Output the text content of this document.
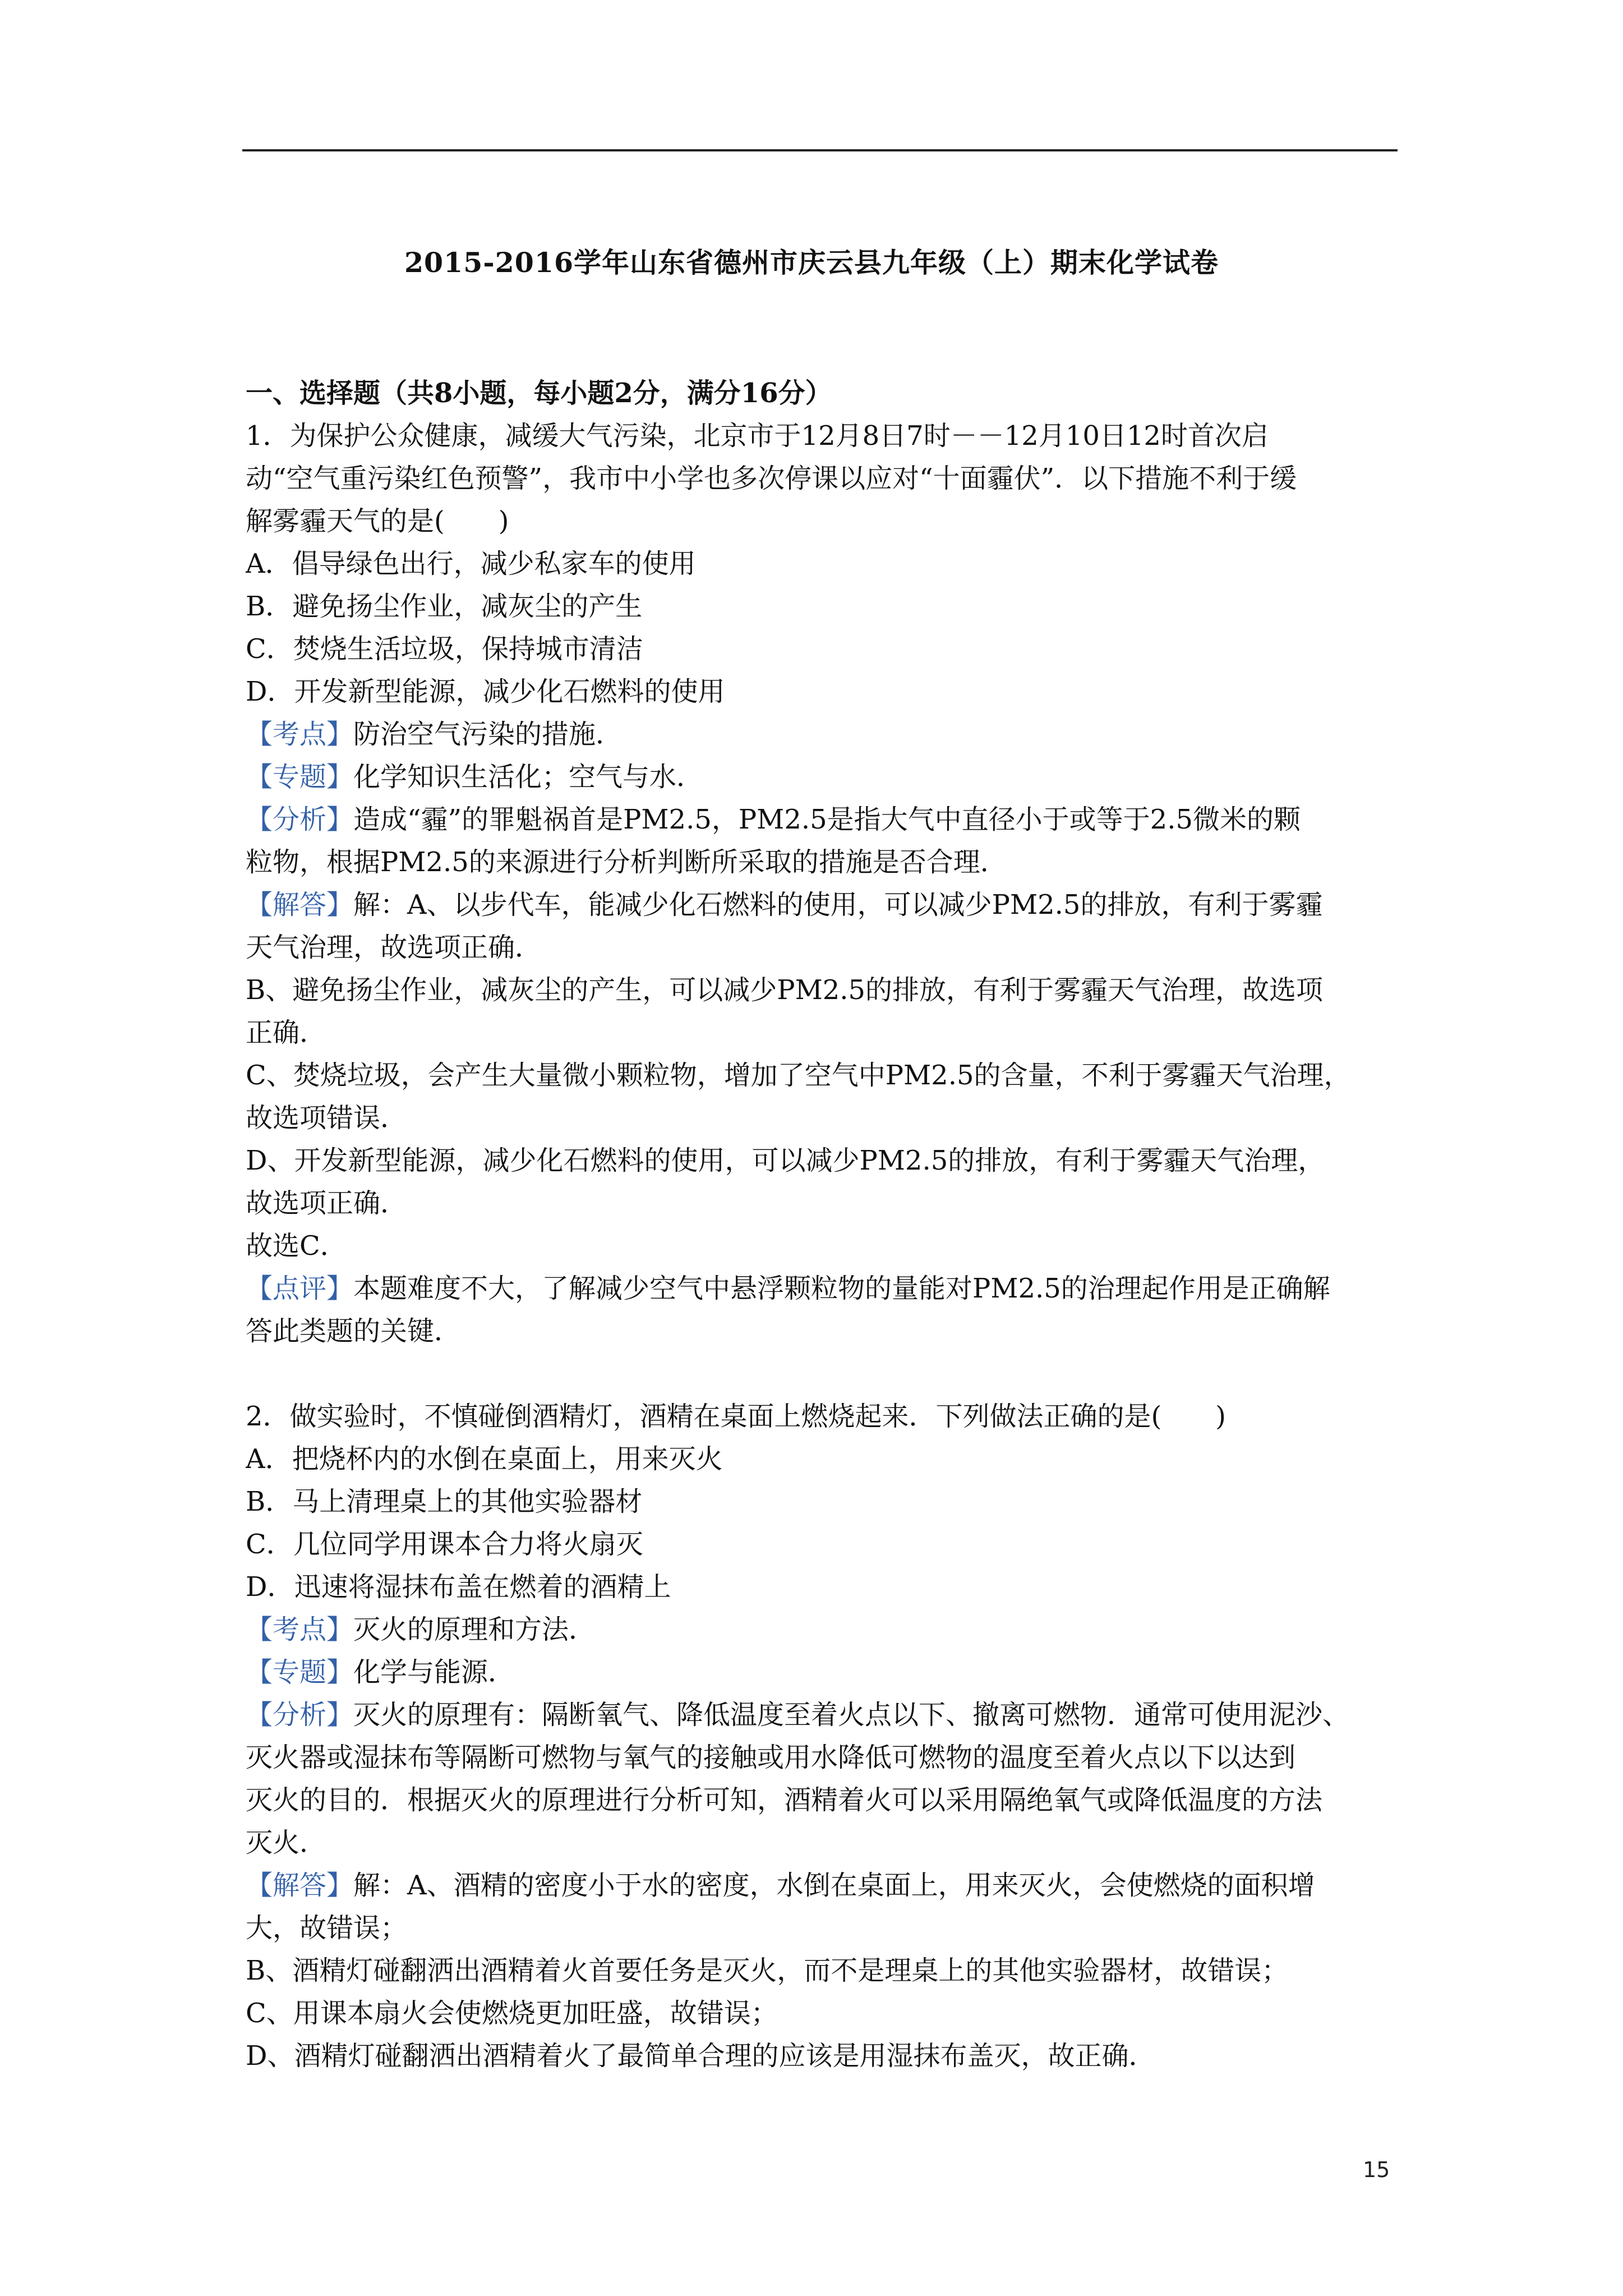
2015-2016学年山东省德州市庆云县九年级（上）期末化学试卷
一、选择题（共8小题，每小题2分，满分16分）
1．为保护公众健康，减缓大气污染，北京市于12月8日7时－－12月10日12时首次启
动“空气重污染红色预警”，我市中小学也多次停课以应对“十面霾伏”．以下措施不利于缓
解雾霾天气的是(　　)
A．倡导绿色出行，减少私家车的使用
B．避免扬尘作业，减灰尘的产生
C．焚烧生活垃圾，保持城市清洁
D．开发新型能源，减少化石燃料的使用
【考点】防治空气污染的措施．
【专题】化学知识生活化；空气与水．
【分析】造成“霾”的罪魁祸首是PM2.5，PM2.5是指大气中直径小于或等于2.5微米的颗
粒物，根据PM2.5的来源进行分析判断所采取的措施是否合理．
【解答】解：A、以步代车，能减少化石燃料的使用，可以减少PM2.5的排放，有利于雾霾
天气治理，故选项正确．
B、避免扬尘作业，减灰尘的产生，可以减少PM2.5的排放，有利于雾霾天气治理，故选项
正确．
C、焚烧垃圾，会产生大量微小颗粒物，增加了空气中PM2.5的含量，不利于雾霾天气治理，
故选项错误．
D、开发新型能源，减少化石燃料的使用，可以减少PM2.5的排放，有利于雾霾天气治理，
故选项正确．
故选C．
【点评】本题难度不大，了解减少空气中悬浮颗粒物的量能对PM2.5的治理起作用是正确解
答此类题的关键．
2．做实验时，不慎碰倒酒精灯，酒精在桌面上燃烧起来．下列做法正确的是(　　)
A．把烧杯内的水倒在桌面上，用来灭火
B．马上清理桌上的其他实验器材
C．几位同学用课本合力将火扇灭
D．迅速将湿抹布盖在燃着的酒精上
【考点】灭火的原理和方法．
【专题】化学与能源．
【分析】灭火的原理有：隔断氧气、降低温度至着火点以下、撤离可燃物．通常可使用泥沙、
灭火器或湿抹布等隔断可燃物与氧气的接触或用水降低可燃物的温度至着火点以下以达到
灭火的目的．根据灭火的原理进行分析可知，酒精着火可以采用隔绝氧气或降低温度的方法
灭火．
【解答】解：A、酒精的密度小于水的密度，水倒在桌面上，用来灭火，会使燃烧的面积增
大，故错误；
B、酒精灯碰翻洒出酒精着火首要任务是灭火，而不是理桌上的其他实验器材，故错误；
C、用课本扇火会使燃烧更加旺盛，故错误；
D、酒精灯碰翻洒出酒精着火了最简单合理的应该是用湿抹布盖灭，故正确．
15
